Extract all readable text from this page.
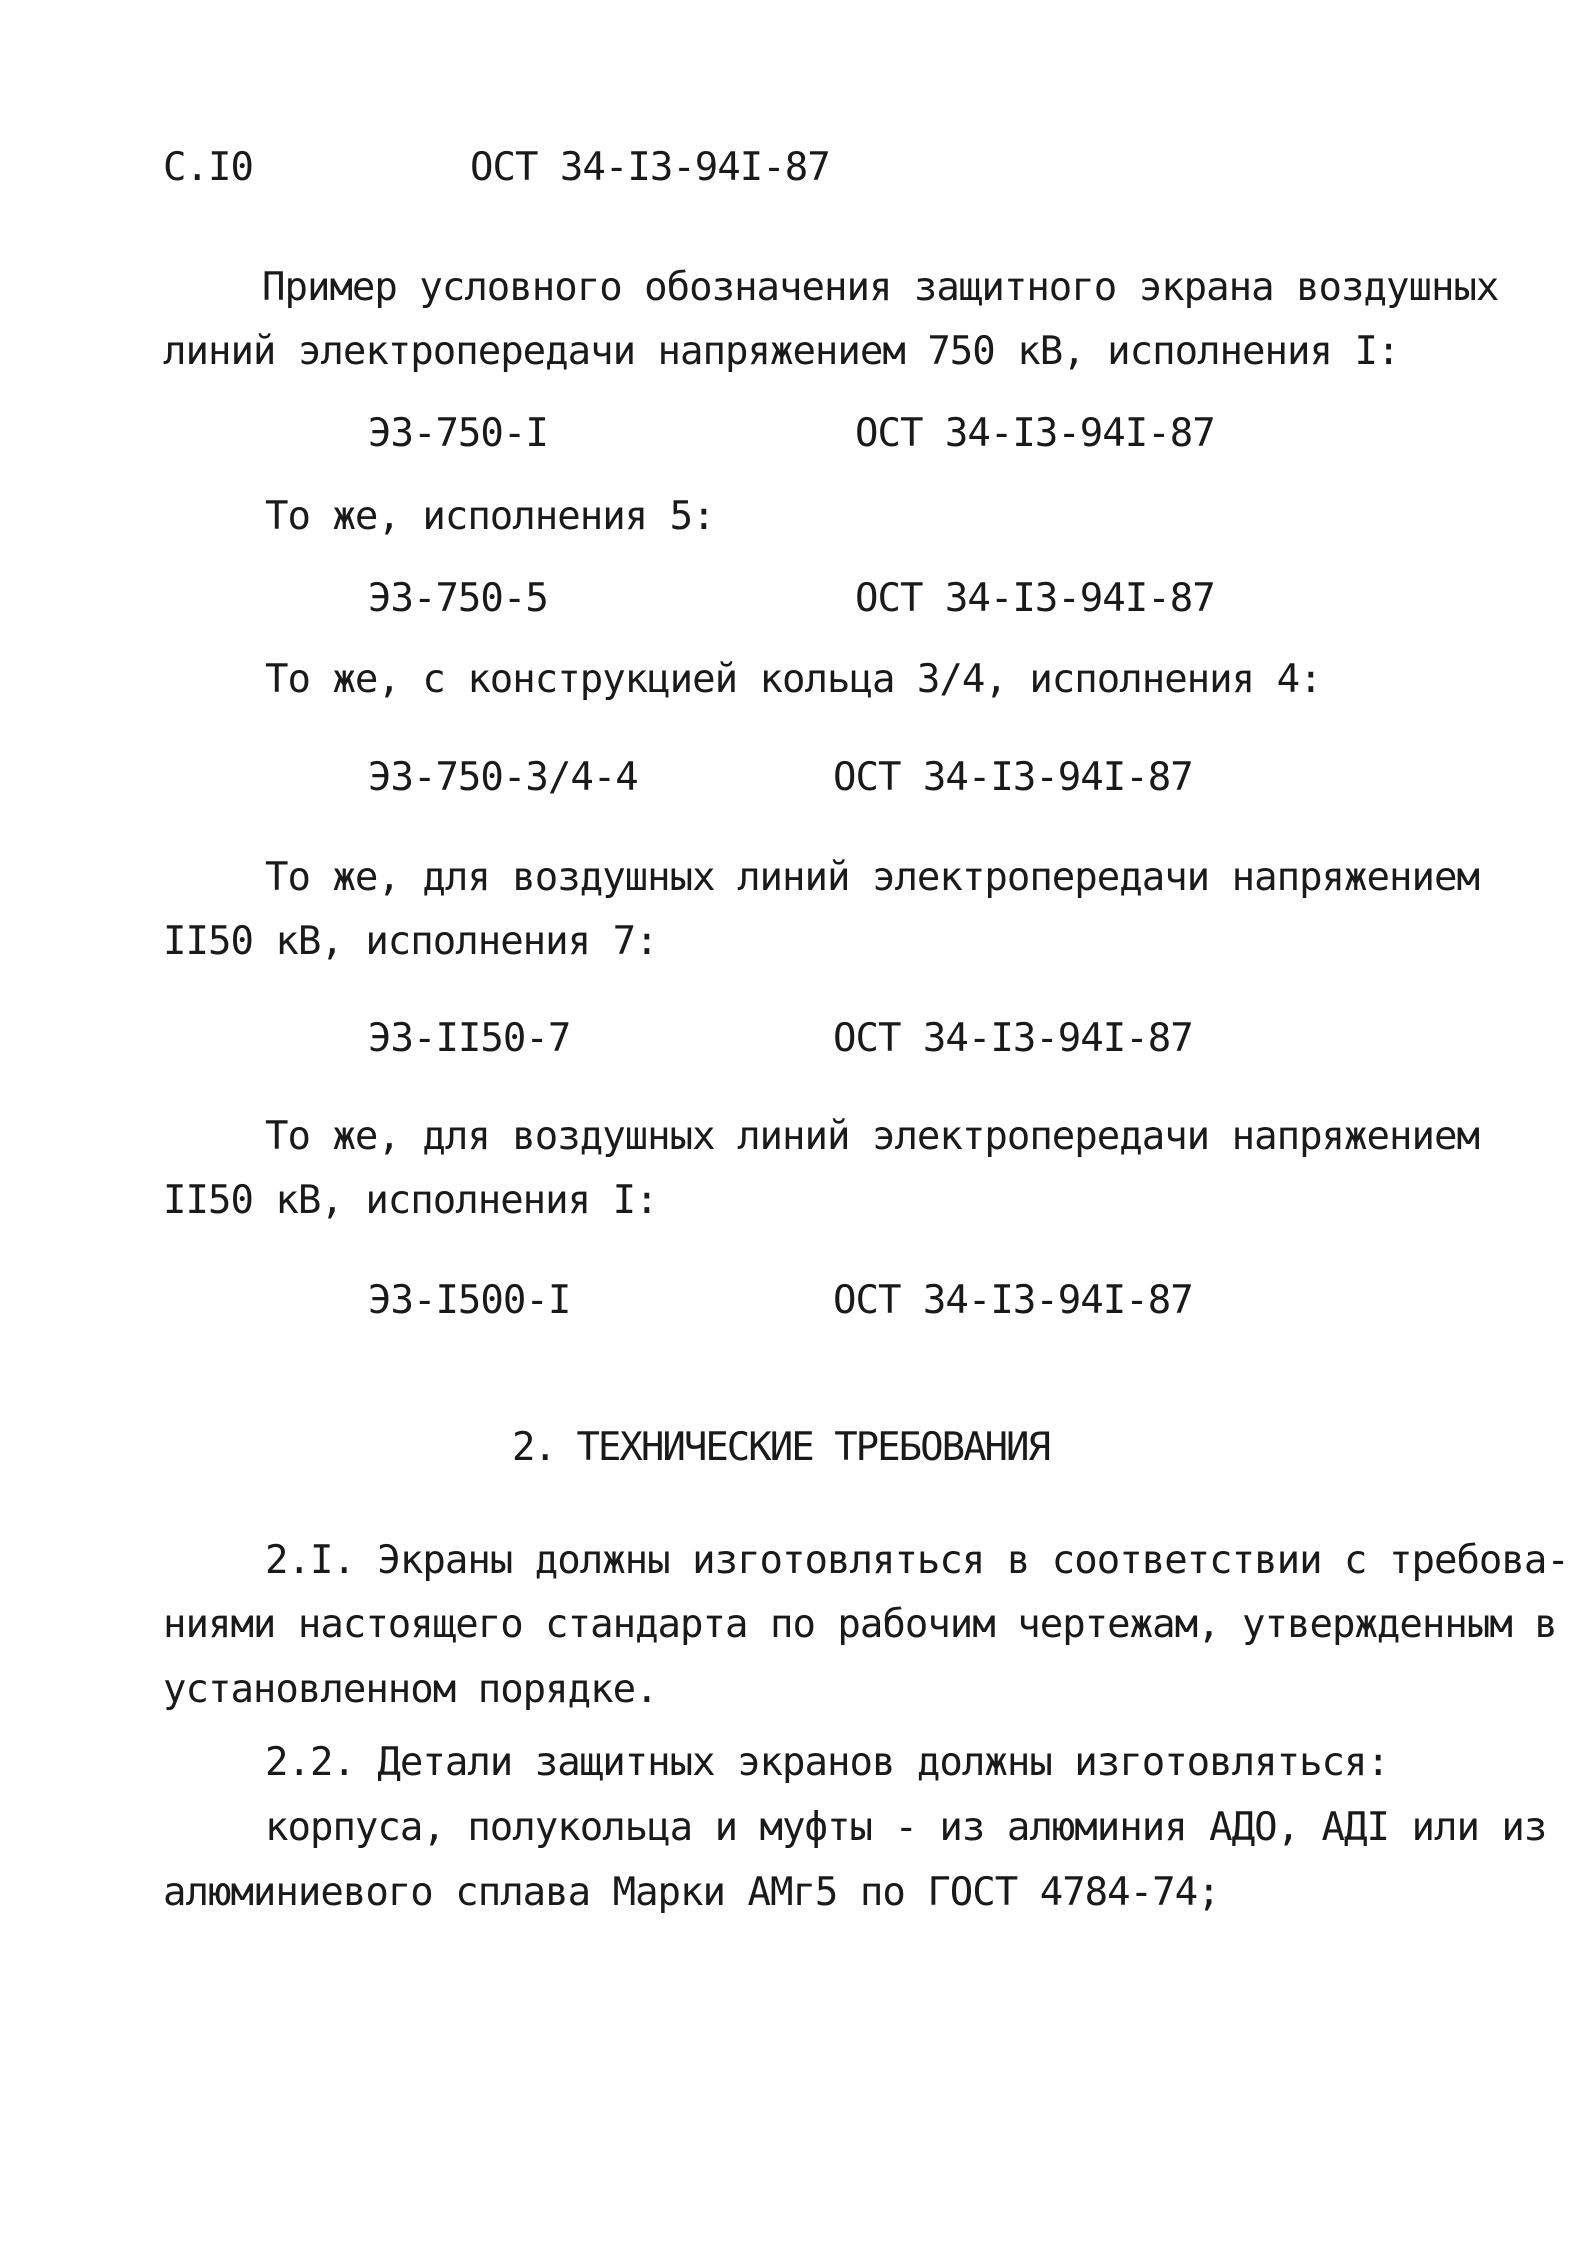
С.I0	ОСТ 34-I3-94I-87
Пример условного обозначения защитного экрана воздушных
линий электропередачи напряжением 750 кВ, исполнения I:
ЭЗ-750-I	ОСТ 34-I3-94I-87
То же, исполнения 5:
ЭЗ-750-5	ОСТ 34-I3-94I-87
То же, с конструкцией кольца 3/4, исполнения 4:
ЭЗ-750-3/4-4	ОСТ 34-I3-94I-87
То же, для воздушных линий электропередачи напряжением
II50 кВ, исполнения 7:
ЭЗ-II50-7	ОСТ 34-I3-94I-87
То же, для воздушных линий электропередачи напряжением
II50 кВ, исполнения I:
ЭЗ-I500-I	ОСТ 34-I3-94I-87
2. ТЕХНИЧЕСКИЕ ТРЕБОВАНИЯ
2.I. Экраны должны изготовляться в соответствии с требова-
ниями настоящего стандарта по рабочим чертежам, утвержденным в
установленном порядке.
2.2. Детали защитных экранов должны изготовляться:
корпуса, полукольца и муфты - из алюминия АДО, АДI или из
алюминиевого сплава Марки АМг5 по ГОСТ 4784-74;
